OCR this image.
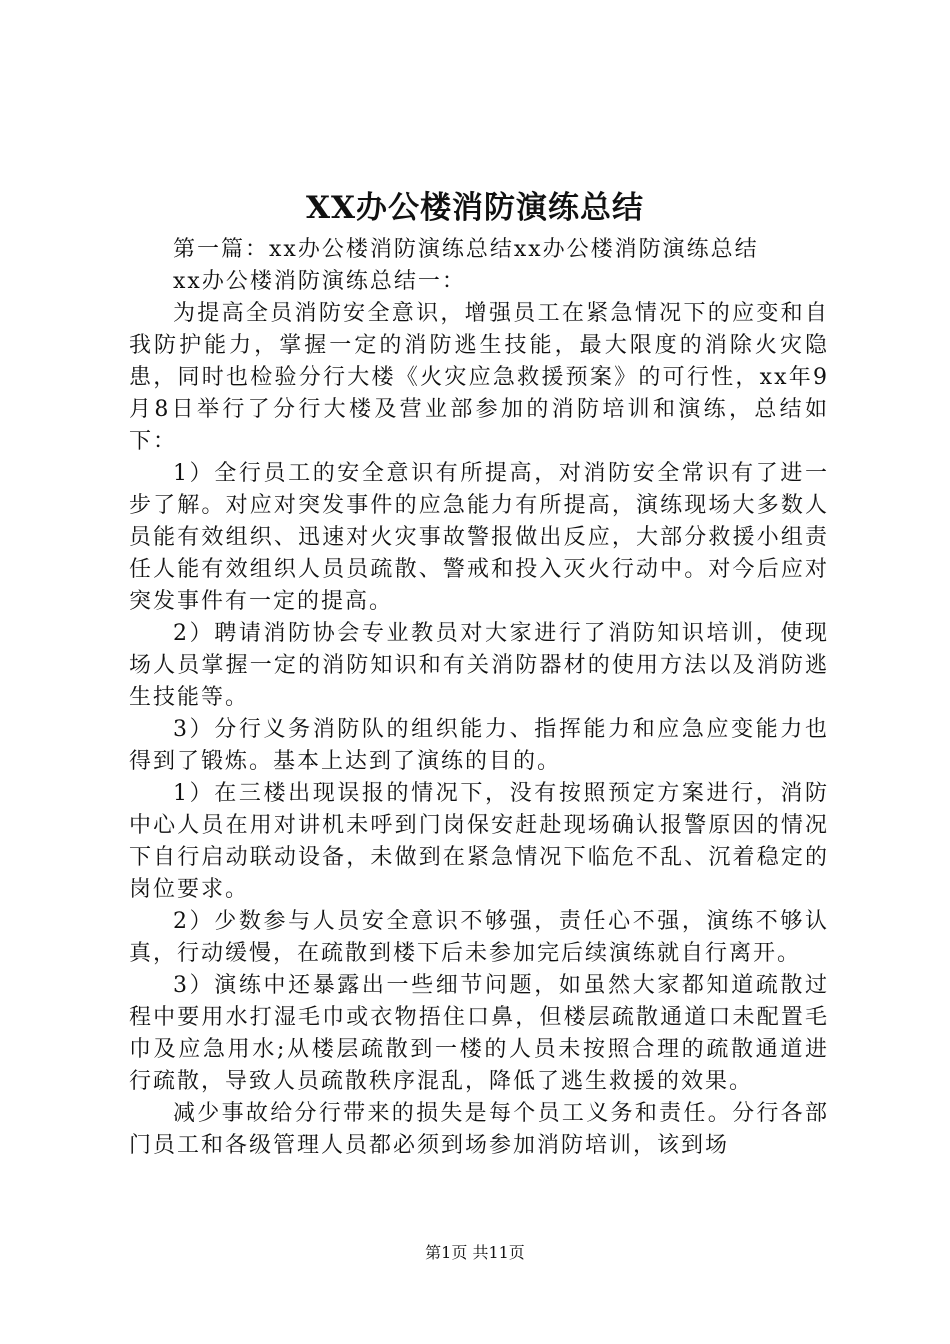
XX办公楼消防演练总结

第一篇：xx办公楼消防演练总结xx办公楼消防演练总结

xx办公楼消防演练总结一：

为提高全员消防安全意识，增强员工在紧急情况下的应变和自我防护能力，掌握一定的消防逃生技能，最大限度的消除火灾隐患，同时也检验分行大楼《火灾应急救援预案》的可行性，xx年9月8日举行了分行大楼及营业部参加的消防培训和演练，总结如下：

1）全行员工的安全意识有所提高，对消防安全常识有了进一步了解。对应对突发事件的应急能力有所提高，演练现场大多数人员能有效组织、迅速对火灾事故警报做出反应，大部分救援小组责任人能有效组织人员员疏散、警戒和投入灭火行动中。对今后应对突发事件有一定的提高。

2）聘请消防协会专业教员对大家进行了消防知识培训，使现场人员掌握一定的消防知识和有关消防器材的使用方法以及消防逃生技能等。

3）分行义务消防队的组织能力、指挥能力和应急应变能力也得到了锻炼。基本上达到了演练的目的。

1）在三楼出现误报的情况下，没有按照预定方案进行，消防中心人员在用对讲机未呼到门岗保安赶赴现场确认报警原因的情况下自行启动联动设备，未做到在紧急情况下临危不乱、沉着稳定的岗位要求。

2）少数参与人员安全意识不够强，责任心不强，演练不够认真，行动缓慢，在疏散到楼下后未参加完后续演练就自行离开。

3）演练中还暴露出一些细节问题，如虽然大家都知道疏散过程中要用水打湿毛巾或衣物捂住口鼻，但楼层疏散通道口未配置毛巾及应急用水;从楼层疏散到一楼的人员未按照合理的疏散通道进行疏散，导致人员疏散秩序混乱，降低了逃生救援的效果。

减少事故给分行带来的损失是每个员工义务和责任。分行各部门员工和各级管理人员都必须到场参加消防培训，该到场

第1页 共11页
